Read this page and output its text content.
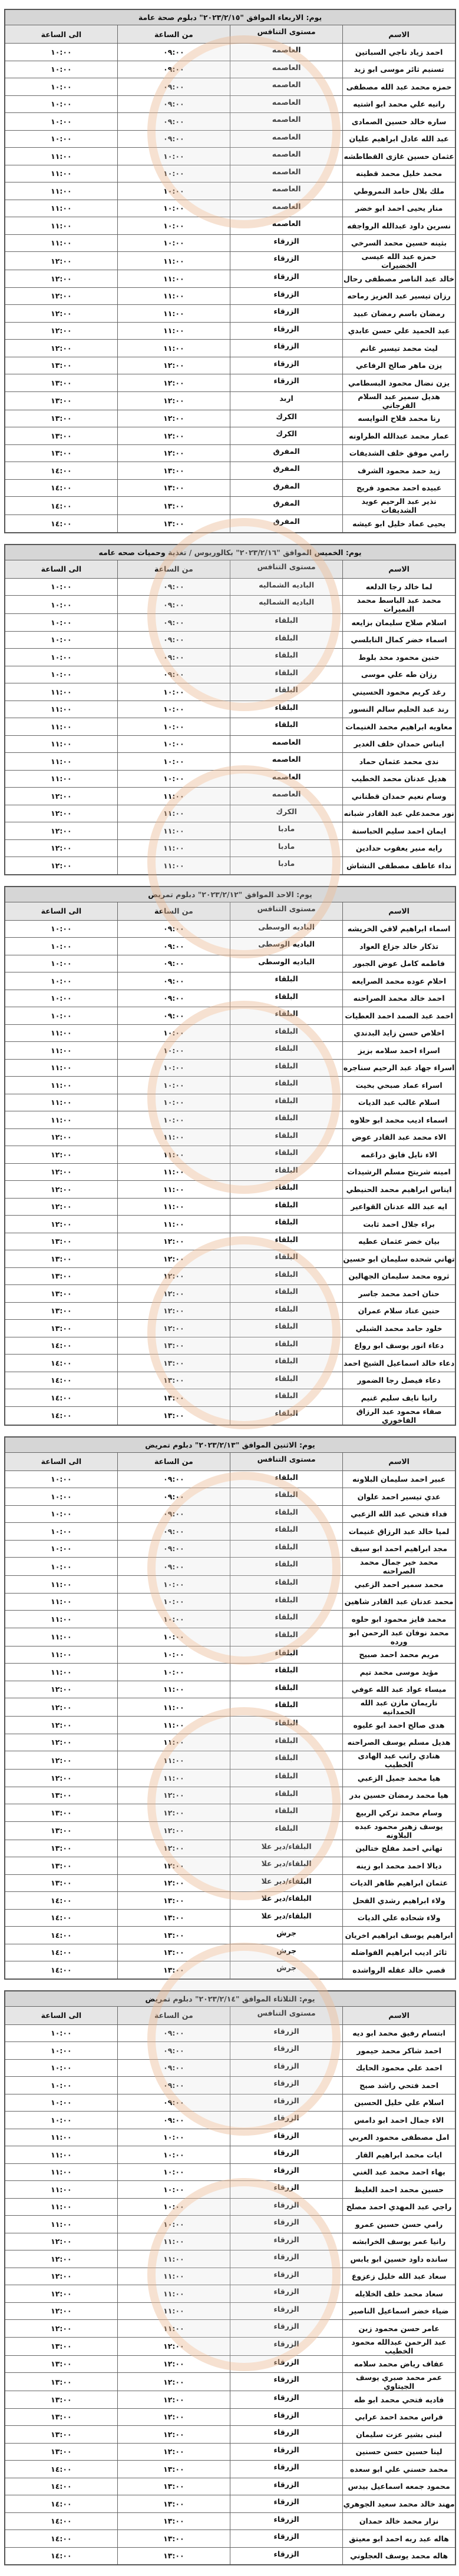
يوم: الاربعاء الموافق "٢٠٢٣/٢/١٥" دبلوم صحة عامة			
الاسم	مستوى التنافس	من الساعة	الى الساعة
احمد زياد ناجي السباتين	العاصمه	٠٩:٠٠	١٠:٠٠
تسنيم ثائر موسى ابو زيد	العاصمه	٠٩:٠٠	١٠:٠٠
حمزه محمد عبد الله مصطفى	العاصمه	٠٩:٠٠	١٠:٠٠
رانيه علي محمد ابو اشتيه	العاصمه	٠٩:٠٠	١٠:٠٠
ساره خالد حسين الصمادى	العاصمه	٠٩:٠٠	١٠:٠٠
عبد الله عادل ابراهيم عليان	العاصمه	٠٩:٠٠	١٠:٠٠
عثمان حسين غازى القطاطشه	العاصمه	١٠:٠٠	١١:٠٠
محمد خليل محمد قطينه	العاصمه	١٠:٠٠	١١:٠٠
ملك بلال حامد النمروطي	العاصمه	١٠:٠٠	١١:٠٠
منار يحيى احمد ابو خضر	العاصمه	١٠:٠٠	١١:٠٠
نسرين داود عبدالله الرواجفه	العاصمه	١٠:٠٠	١١:٠٠
بثينه حسين محمد السرخي	الزرقاء	١٠:٠٠	١١:٠٠
حمزه عبد الله عيسى الخضيرات	الزرقاء	١١:٠٠	١٢:٠٠
خالد عبد الناصر مصطفى رحال	الزرقاء	١١:٠٠	١٢:٠٠
رزان تيسير عبد العزيز رماحه	الزرقاء	١١:٠٠	١٢:٠٠
رمضان باسم رمضان عبيد	الزرقاء	١١:٠٠	١٢:٠٠
عبد الحميد علي حسن عابدي	الزرقاء	١١:٠٠	١٢:٠٠
ليث محمد تيسير غانم	الزرقاء	١١:٠٠	١٢:٠٠
يزن ماهر صالح الرفاعي	الزرقاء	١٢:٠٠	١٣:٠٠
يزن نضال محمود البسطامي	الزرقاء	١٢:٠٠	١٣:٠٠
هديل سمير عبد السلام الفرجاني	اربد	١٢:٠٠	١٣:٠٠
رنا محمد فلاح النوايسه	الكرك	١٢:٠٠	١٣:٠٠
عمار محمد عبدالله الطراونه	الكرك	١٢:٠٠	١٣:٠٠
رامي موفق خلف الشديفات	المفرق	١٢:٠٠	١٣:٠٠
زيد حمد محمود الشرف	المفرق	١٣:٠٠	١٤:٠٠
عبيده احمد محمود فريج	المفرق	١٣:٠٠	١٤:٠٠
نذير عبد الرحيم عويد الشديفات	المفرق	١٣:٠٠	١٤:٠٠
يحيى عماد خليل ابو عيشه	المفرق	١٣:٠٠	١٤:٠٠
يوم: الخميس الموافق "٢٠٢٣/٢/١٦" بكالوريوس / تغذية وحميات صحه عامه			
الاسم	مستوى التنافس	من الساعة	الى الساعة
لما خالد رجا الدلعه	الباديه الشماليه	٠٩:٠٠	١٠:٠٠
محمد عبد الباسط محمد النميرات	الباديه الشماليه	٠٩:٠٠	١٠:٠٠
اسلام صلاح سليمان بزايعه	البلقاء	٠٩:٠٠	١٠:٠٠
اسماء خضر كمال النابلسي	البلقاء	٠٩:٠٠	١٠:٠٠
حنين محمود محد بلوط	البلقاء	٠٩:٠٠	١٠:٠٠
رزان طه علي موسى	البلقاء	٠٩:٠٠	١٠:٠٠
رغد كريم محمود الحسيني	البلقاء	١٠:٠٠	١١:٠٠
رند عبد الحليم سالم النسور	البلقاء	١٠:٠٠	١١:٠٠
معاويه ابراهيم محمد الغنيمات	البلقاء	١٠:٠٠	١١:٠٠
ايناس حمدان خلف الغدير	العاصمه	١٠:٠٠	١١:٠٠
ندى محمد عثمان حماد	العاصمه	١٠:٠٠	١١:٠٠
هديل عدنان محمد الخطيب	العاصمه	١٠:٠٠	١١:٠٠
وسام نعيم حمدان قطناني	العاصمه	١١:٠٠	١٢:٠٠
نور محمدعلي عبد القادر شبانه	الكرك	١١:٠٠	١٢:٠٠
ايمان احمد سليم الحباسنة	مادبا	١١:٠٠	١٢:٠٠
رايه منير يعقوب حدادين	مادبا	١١:٠٠	١٢:٠٠
نداء عاطف مصطفى النشاش	مادبا	١١:٠٠	١٢:٠٠
يوم: الاحد الموافق "٢٠٢٣/٢/١٢" دبلوم تمريض			
الاسم	مستوى التنافس	من الساعة	الى الساعة
اسماء ابراهيم لافي الخريشه	الباديه الوسطى	٠٩:٠٠	١٠:٠٠
تذكار خالد جزاع العواد	الباديه الوسطى	٠٩:٠٠	١٠:٠٠
فاطمه كامل عوض الجبور	الباديه الوسطى	٠٩:٠٠	١٠:٠٠
احلام عوده محمد الصرايعه	البلقاء	٠٩:٠٠	١٠:٠٠
احمد خالد محمد الصراحنه	البلقاء	٠٩:٠٠	١٠:٠٠
احمد عبد الصمد احمد العطيات	البلقاء	٠٩:٠٠	١٠:٠٠
اخلاص حسن زايد البدندي	البلقاء	١٠:٠٠	١١:٠٠
اسراء احمد سلامه بزيز	البلقاء	١٠:٠٠	١١:٠٠
اسراء جهاد عبد الرحيم سناجره	البلقاء	١٠:٠٠	١١:٠٠
اسراء عماد صبحي بخيت	البلقاء	١٠:٠٠	١١:٠٠
اسلام غالب عبد الديات	البلقاء	١٠:٠٠	١١:٠٠
اسماء اديب محمد ابو حلاوه	البلقاء	١٠:٠٠	١١:٠٠
الاء محمد عبد القادر عوض	البلقاء	١١:٠٠	١٢:٠٠
الاء نايل فايق دراغمه	البلقاء	١١:٠٠	١٢:٠٠
امينه شريتح مسلم الرشيدات	البلقاء	١١:٠٠	١٢:٠٠
ايناس ابراهيم محمد الحنيطي	البلقاء	١١:٠٠	١٢:٠٠
ايه عبد الله عدنان القواعير	البلقاء	١١:٠٠	١٢:٠٠
براء جلال احمد ثابت	البلقاء	١١:٠٠	١٢:٠٠
بيان خضر عثمان عطيه	البلقاء	١٢:٠٠	١٣:٠٠
تهاني شحده سليمان ابو حسين	البلقاء	١٢:٠٠	١٣:٠٠
ثروه محمد سليمان الجهالين	البلقاء	١٢:٠٠	١٣:٠٠
حنان احمد محمد جاسر	البلقاء	١٢:٠٠	١٣:٠٠
حنين عناد سلام عمران	البلقاء	١٢:٠٠	١٣:٠٠
خلود حامد محمد الشبلي	البلقاء	١٢:٠٠	١٣:٠٠
دعاء انور يوسف ابو رواع	البلقاء	١٣:٠٠	١٤:٠٠
دعاء خالد اسماعيل الشيخ احمد	البلقاء	١٣:٠٠	١٤:٠٠
دعاء فيصل رجا الضمور	البلقاء	١٣:٠٠	١٤:٠٠
رانيا نايف سليم غنيم	البلقاء	١٣:٠٠	١٤:٠٠
صفاء محمود عبد الرزاق الفاخوري	البلقاء	١٣:٠٠	١٤:٠٠
يوم: الاثنين الموافق "٢٠٢٣/٢/١٣" دبلوم تمريض			
الاسم	مستوى التنافس	من الساعة	الى الساعة
عبير احمد سليمان البلاونه	البلقاء	٠٩:٠٠	١٠:٠٠
عدي تيسير احمد علوان	البلقاء	٠٩:٠٠	١٠:٠٠
فداء فتحي عبد الله الزعبي	البلقاء	٠٩:٠٠	١٠:٠٠
لميا خالد عبد الرزاق غنيمات	البلقاء	٠٩:٠٠	١٠:٠٠
مجد ابراهيم احمد ابو سيف	البلقاء	٠٩:٠٠	١٠:٠٠
محمد خير جمال محمد الصراحنه	البلقاء	٠٩:٠٠	١٠:٠٠
محمد سمير احمد الزعبي	البلقاء	١٠:٠٠	١١:٠٠
محمد عدنان عبد القادر شاهين	البلقاء	١٠:٠٠	١١:٠٠
محمد فايز محمود ابو حلوه	البلقاء	١٠:٠٠	١١:٠٠
محمد نوفان عبد الرحمن ابو ورده	البلقاء	١٠:٠٠	١١:٠٠
مريم محمد احمد صبيح	البلقاء	١٠:٠٠	١١:٠٠
مؤيد موسى محمد تيم	البلقاء	١٠:٠٠	١١:٠٠
ميساء عواد عبد الله عوفي	البلقاء	١١:٠٠	١٢:٠٠
ناريمان مازن عبد الله الحمدانيه	البلقاء	١١:٠٠	١٢:٠٠
هدى صالح احمد ابو عليوه	البلقاء	١١:٠٠	١٢:٠٠
هديل مسلم يوسف الصراحنه	البلقاء	١١:٠٠	١٢:٠٠
هنادي راتب عبد الهادى الخطيب	البلقاء	١١:٠٠	١٢:٠٠
هيا محمد جميل الزعبي	البلقاء	١١:٠٠	١٢:٠٠
هيا محمد رمضان حسين بدر	البلقاء	١٢:٠٠	١٣:٠٠
وسام محمد تركي الربيع	البلقاء	١٢:٠٠	١٣:٠٠
يوسف زهير محمود عبده البلاونه	البلقاء	١٢:٠٠	١٣:٠٠
تهاني احمد مفلح ختالين	البلقاء/دير علا	١٢:٠٠	١٣:٠٠
ديالا احمد محمد ابو زينه	البلقاء/دير علا	١٢:٠٠	١٣:٠٠
عثمان ابراهيم ظاهر الديات	البلقاء/دير علا	١٢:٠٠	١٣:٠٠
ولاء ابراهيم رشدي الفحل	البلقاء/دير علا	١٣:٠٠	١٤:٠٠
ولاء شحاده علي الديات	البلقاء/دير علا	١٣:٠٠	١٤:٠٠
ابراهيم يوسف ابراهيم اخريان	جرش	١٣:٠٠	١٤:٠٠
ثائر اديب ابراهيم الفواضله	جرش	١٣:٠٠	١٤:٠٠
قصي خالد عقله الرواشده	جرش	١٣:٠٠	١٤:٠٠
يوم: الثلاثاء الموافق "٢٠٢٣/٢/١٤" دبلوم تمريض			
الاسم	مستوى التنافس	من الساعة	الى الساعة
ابتسام رفيق محمد ابو ديه	الزرقاء	٠٩:٠٠	١٠:٠٠
احمد شاكر محمد حيمور	الزرقاء	٠٩:٠٠	١٠:٠٠
احمد علي محمود الحايك	الزرقاء	٠٩:٠٠	١٠:٠٠
احمد فتحي راشد صبح	الزرقاء	٠٩:٠٠	١٠:٠٠
اسلام علي خليل الحسين	الزرقاء	٠٩:٠٠	١٠:٠٠
الاء جمال احمد ابو دامس	الزرقاء	٠٩:٠٠	١٠:٠٠
امل مصطفى محمود العربي	الزرقاء	١٠:٠٠	١١:٠٠
ايات محمد ابراهيم القار	الزرقاء	١٠:٠٠	١١:٠٠
بهاء احمد محمد عبد الغني	الزرقاء	١٠:٠٠	١١:٠٠
حسين محمد احمد الغليظ	الزرقاء	١٠:٠٠	١١:٠٠
راجي عبد المهدي احمد مصلح	الزرقاء	١٠:٠٠	١١:٠٠
رامي حسن حسين عمرو	الزرقاء	١٠:٠٠	١١:٠٠
رانيا عمر يوسف الخرابشه	الزرقاء	١١:٠٠	١٢:٠٠
سانده داود حسين ابو يابس	الزرقاء	١١:٠٠	١٢:٠٠
سعاد عبد الله خليل زعزوع	الزرقاء	١١:٠٠	١٢:٠٠
سعاد محمد خلف الخلايله	الزرقاء	١١:٠٠	١٢:٠٠
ضياء خضر اسماعيل الناصير	الزرقاء	١١:٠٠	١٢:٠٠
عامر حسن محمود زبن	الزرقاء	١١:٠٠	١٢:٠٠
عبد الرحمن عبدالله محمود الخطيب	الزرقاء	١٢:٠٠	١٣:٠٠
عفاف رياض محمد سلامه	الزرقاء	١٢:٠٠	١٣:٠٠
عمر محمد صبري يوسف الجيتاوي	الزرقاء	١٢:٠٠	١٣:٠٠
فاديه فتحي محمد ابو طه	الزرقاء	١٢:٠٠	١٣:٠٠
فراس محمد احمد عرابي	الزرقاء	١٢:٠٠	١٣:٠٠
لبنى بشير عزت سليمان	الزرقاء	١٢:٠٠	١٣:٠٠
لينا حسين حسن حسنين	الزرقاء	١٢:٠٠	١٣:٠٠
محمد حسني علي ابو سعده	الزرقاء	١٣:٠٠	١٤:٠٠
محمود جمعه اسماعيل بيدس	الزرقاء	١٣:٠٠	١٤:٠٠
مهند خالد محمد سعيد الجوهري	الزرقاء	١٣:٠٠	١٤:٠٠
نزار محمد خالد حمدان	الزرقاء	١٣:٠٠	١٤:٠٠
هاله عبد ربه احمد ابو معيتق	الزرقاء	١٣:٠٠	١٤:٠٠
هاله محمد يوسف العجلوني	الزرقاء	١٣:٠٠	١٤:٠٠
